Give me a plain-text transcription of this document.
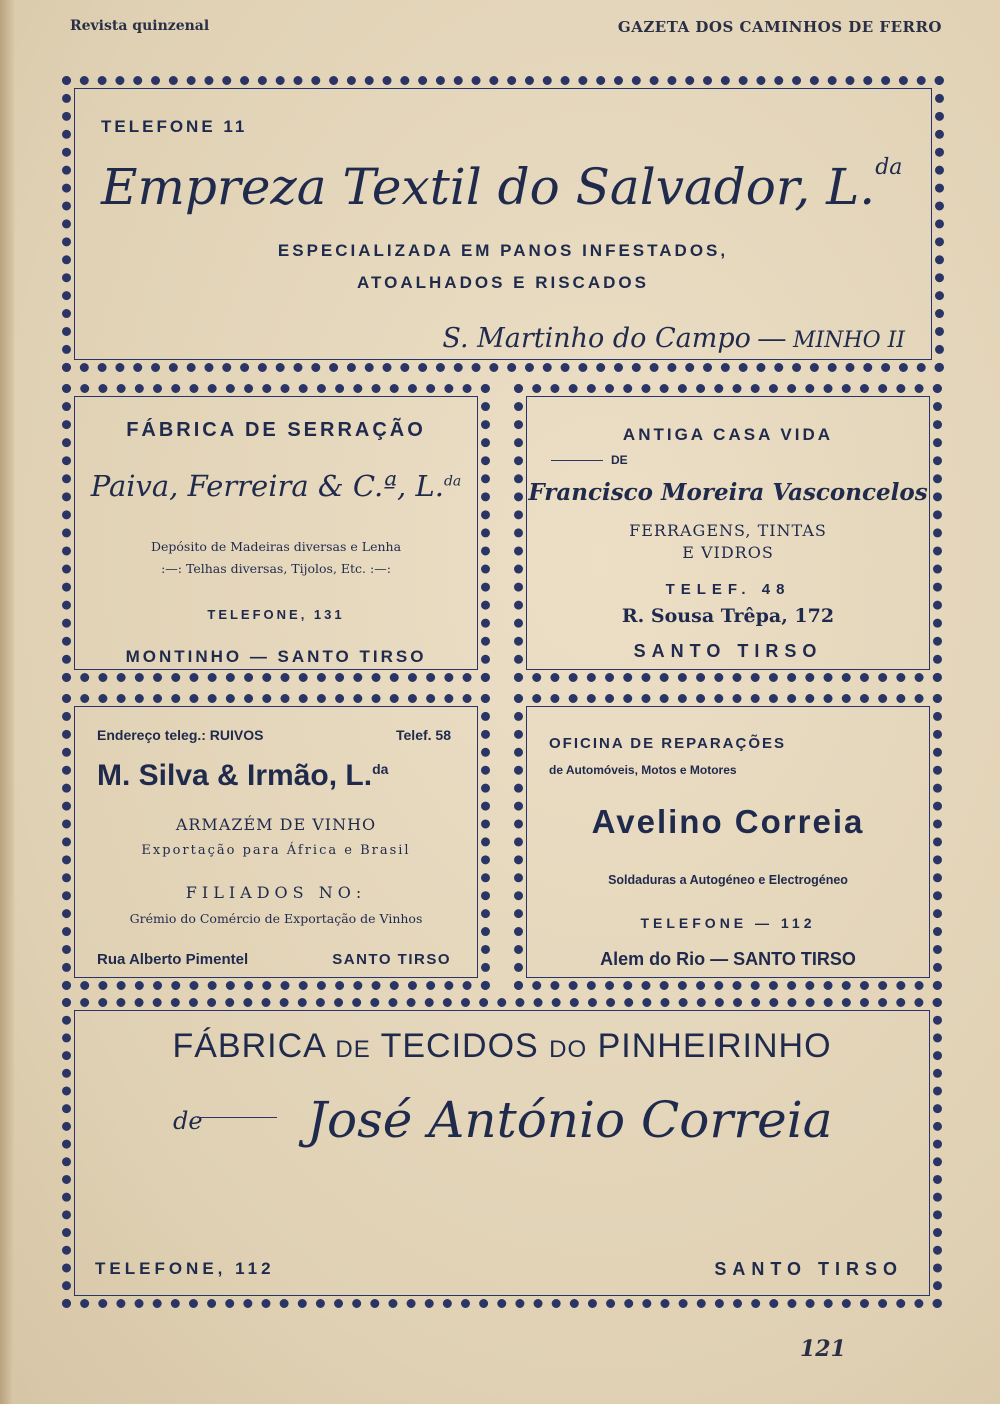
Revista quinzenal	GAZETA DOS CAMINHOS DE FERRO
TELEFONE 11
Empreza Textil do Salvador, L.$^{da}$
ESPECIALIZADA EM PANOS INFESTADOS,
ATOALHADOS E RISCADOS
S. Martinho do Campo — MINHO II
FÁBRICA DE SERRAÇÃO
Paiva, Ferreira & C.ª, L.$^{da}$
Depósito de Madeiras diversas e Lenha
:—: Telhas diversas, Tijolos, Etc. :—:
TELEFONE, 131
MONTINHO — SANTO TIRSO
ANTIGA CASA VIDA
DE
Francisco Moreira Vasconcelos
FERRAGENS, TINTAS
E VIDROS
TELEF. 48
R. Sousa Trêpa, 172
SANTO TIRSO
Endereço teleg.: RUIVOS	Telef. 58
M. Silva & Irmão, L.$^{da}$
ARMAZÉM DE VINHO
Exportação para África e Brasil
FILIADOS NO:
Grémio do Comércio de Exportação de Vinhos
Rua Alberto Pimentel	SANTO TIRSO
OFICINA DE REPARAÇÕES
de Automóveis, Motos e Motores
Avelino Correia
Soldaduras a Autogéneo e Electrogéneo
TELEFONE — 112
Alem do Rio — SANTO TIRSO
FÁBRICA DE TECIDOS DO PINHEIRINHO
de José António Correia
TELEFONE, 112	SANTO TIRSO
121
